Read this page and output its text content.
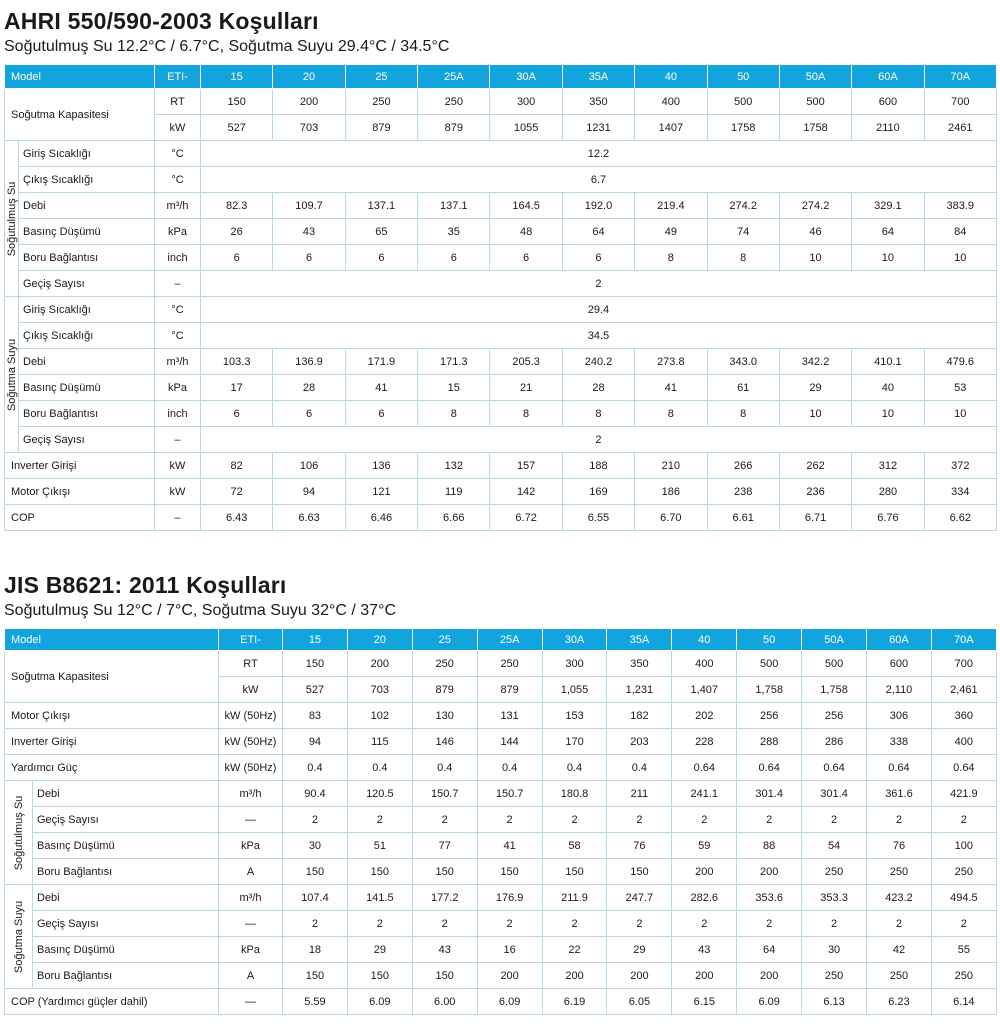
AHRI 550/590-2003 Koşulları

Soğutulmuş Su 12.2°C / 6.7°C, Soğutma Suyu 29.4°C / 34.5°C

Model		ETI-	15	20	25	25A	30A	35A	40	50	50A	60A	70A
Soğutma Kapasitesi		RT	150	200	250	250	300	350	400	500	500	600	700
		kW	527	703	879	879	1055	1231	1407	1758	1758	2110	2461

Soğutulmuş Su	Giriş Sıcaklığı	°C	12.2										
	Çıkış Sıcaklığı	°C	6.7										
	Debi	m³/h	82.3	109.7	137.1	137.1	164.5	192.0	219.4	274.2	274.2	329.1	383.9
	Basınç Düşümü	kPa	26	43	65	35	48	64	49	74	46	64	84
	Boru Bağlantısı	inch	6	6	6	6	6	6	8	8	10	10	10
	Geçiş Sayısı	–	2										

Soğutma Suyu	Giriş Sıcaklığı	°C	29.4										
	Çıkış Sıcaklığı	°C	34.5										
	Debi	m³/h	103.3	136.9	171.9	171.3	205.3	240.2	273.8	343.0	342.2	410.1	479.6
	Basınç Düşümü	kPa	17	28	41	15	21	28	41	61	29	40	53
	Boru Bağlantısı	inch	6	6	6	8	8	8	8	8	10	10	10
	Geçiş Sayısı	–	2										
Inverter Girişi		kW	82	106	136	132	157	188	210	266	262	312	372
Motor Çıkışı		kW	72	94	121	119	142	169	186	238	236	280	334
COP		–	6.43	6.63	6.46	6.66	6.72	6.55	6.70	6.61	6.71	6.76	6.62
JIS B8621: 2011 Koşulları

Soğutulmuş Su 12°C / 7°C, Soğutma Suyu 32°C / 37°C

Model		ETI-	15	20	25	25A	30A	35A	40	50	50A	60A	70A
Soğutma Kapasitesi		RT	150	200	250	250	300	350	400	500	500	600	700
		kW	527	703	879	879	1,055	1,231	1,407	1,758	1,758	2,110	2,461
Motor Çıkışı		kW (50Hz)	83	102	130	131	153	182	202	256	256	306	360
Inverter Girişi		kW (50Hz)	94	115	146	144	170	203	228	288	286	338	400
Yardımcı Güç		kW (50Hz)	0.4	0.4	0.4	0.4	0.4	0.4	0.64	0.64	0.64	0.64	0.64

Soğutulmuş Su	Debi	m³/h	90.4	120.5	150.7	150.7	180.8	211	241.1	301.4	301.4	361.6	421.9
	Geçiş Sayısı	—	2	2	2	2	2	2	2	2	2	2	2
	Basınç Düşümü	kPa	30	51	77	41	58	76	59	88	54	76	100
	Boru Bağlantısı	A	150	150	150	150	150	150	200	200	250	250	250

Soğutma Suyu	Debi	m³/h	107.4	141.5	177.2	176.9	211.9	247.7	282.6	353.6	353.3	423.2	494.5
	Geçiş Sayısı	—	2	2	2	2	2	2	2	2	2	2	2
	Basınç Düşümü	kPa	18	29	43	16	22	29	43	64	30	42	55
	Boru Bağlantısı	A	150	150	150	200	200	200	200	200	250	250	250
COP (Yardımcı güçler dahil)		—	5.59	6.09	6.00	6.09	6.19	6.05	6.15	6.09	6.13	6.23	6.14
